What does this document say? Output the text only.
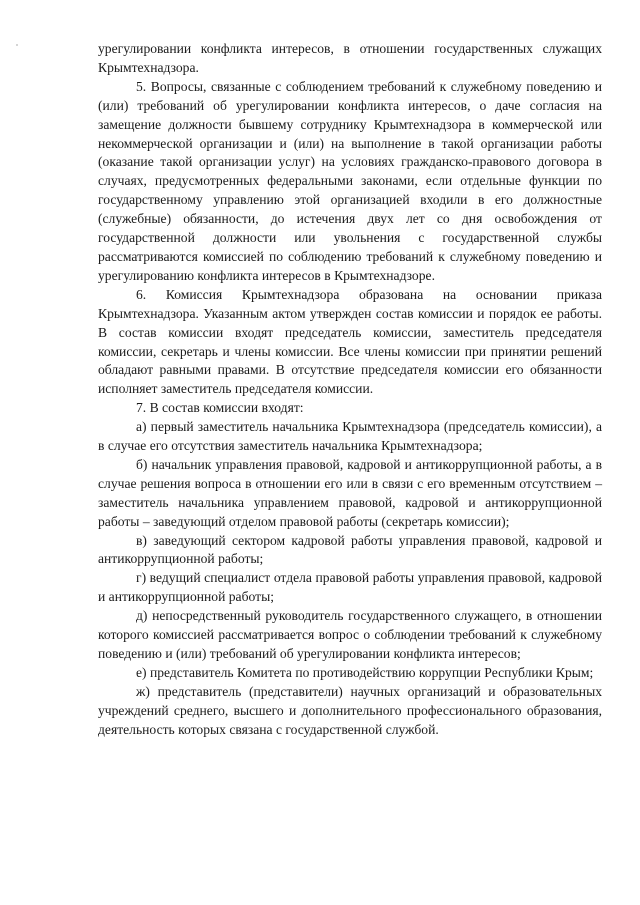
урегулировании конфликта интересов, в отношении государственных служащих Крымтехнадзора.

5. Вопросы, связанные с соблюдением требований к служебному поведению и (или) требований об урегулировании конфликта интересов, о даче согласия на замещение должности бывшему сотруднику Крымтехнадзора в коммерческой или некоммерческой организации и (или) на выполнение в такой организации работы (оказание такой организации услуг) на условиях гражданско-правового договора в случаях, предусмотренных федеральными законами, если отдельные функции по государственному управлению этой организацией входили в его должностные (служебные) обязанности, до истечения двух лет со дня освобождения от государственной должности или увольнения с государственной службы рассматриваются комиссией по соблюдению требований к служебному поведению и урегулированию конфликта интересов в Крымтехнадзоре.

6. Комиссия Крымтехнадзора образована на основании приказа Крымтехнадзора. Указанным актом утвержден состав комиссии и порядок ее работы. В состав комиссии входят председатель комиссии, заместитель председателя комиссии, секретарь и члены комиссии. Все члены комиссии при принятии решений обладают равными правами. В отсутствие председателя комиссии его обязанности исполняет заместитель председателя комиссии.

7. В состав комиссии входят:

а) первый заместитель начальника Крымтехнадзора (председатель комиссии), а в случае его отсутствия заместитель начальника Крымтехнадзора;

б) начальник управления правовой, кадровой и антикоррупционной работы, а в случае решения вопроса в отношении его или в связи с его временным отсутствием – заместитель начальника управлением правовой, кадровой и антикоррупционной работы – заведующий отделом правовой работы (секретарь комиссии);

в) заведующий сектором кадровой работы управления правовой, кадровой и антикоррупционной работы;

г) ведущий специалист отдела правовой работы управления правовой, кадровой и антикоррупционной работы;

д) непосредственный руководитель государственного служащего, в отношении которого комиссией рассматривается вопрос о соблюдении требований к служебному поведению и (или) требований об урегулировании конфликта интересов;

е) представитель Комитета по противодействию коррупции Республики Крым;

ж) представитель (представители) научных организаций и образовательных учреждений среднего, высшего и дополнительного профессионального образования, деятельность которых связана с государственной службой.
